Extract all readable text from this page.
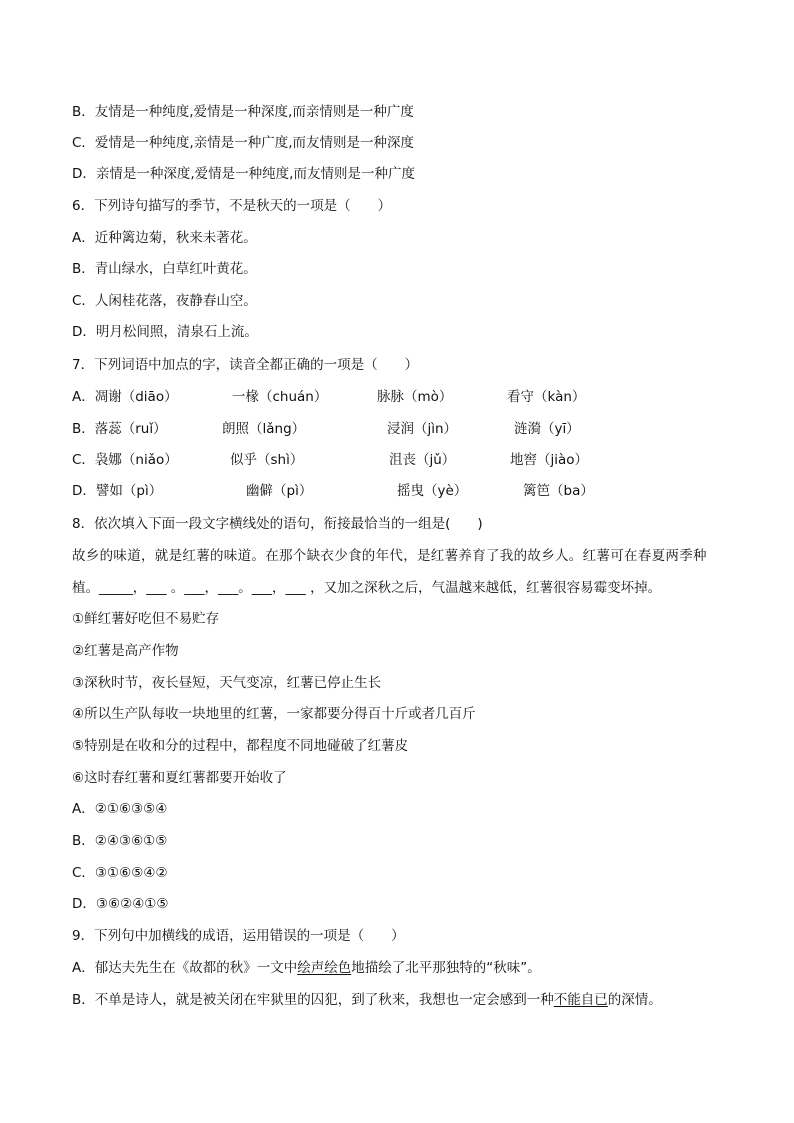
B．友情是一种纯度,爱情是一种深度,而亲情则是一种广度
C．爱情是一种纯度,亲情是一种广度,而友情则是一种深度
D．亲情是一种深度,爱情是一种纯度,而友情则是一种广度
6．下列诗句描写的季节，不是秋天的一项是（　　）
A．近种篱边菊，秋来未著花。
B．青山绿水，白草红叶黄花。
C．人闲桂花落，夜静春山空。
D．明月松间照，清泉石上流。
7．下列词语中加点的字，读音全都正确的一项是（　　）
A．凋谢（diāo）	一椽（chuán）	脉脉（mò）	看守（kàn）
B．落蕊（ruǐ）	朗照（lǎng）	浸润（jìn）	涟漪（yī）
C．袅娜（niǎo）	似乎（shì）	沮丧（jǔ）	地窖（jiào）
D．譬如（pì）	幽僻（pì）	摇曳（yè）	篱笆（ba）
8．依次填入下面一段文字横线处的语句，衔接最恰当的一组是(　　)
故乡的味道，就是红薯的味道。在那个缺衣少食的年代，是红薯养育了我的故乡人。红薯可在春夏两季种
植。_____，___ 。___，___。___，___ ，又加之深秋之后，气温越来越低，红薯很容易霉变坏掉。
①鲜红薯好吃但不易贮存
②红薯是高产作物
③深秋时节，夜长昼短，天气变凉，红薯已停止生长
④所以生产队每收一块地里的红薯，一家都要分得百十斤或者几百斤
⑤特别是在收和分的过程中，都程度不同地碰破了红薯皮
⑥这时春红薯和夏红薯都要开始收了
A．②①⑥③⑤④
B．②④③⑥①⑤
C．③①⑥⑤④②
D．③⑥②④①⑤
9．下列句中加横线的成语，运用错误的一项是（　　）
A．郁达夫先生在《故都的秋》一文中绘声绘色地描绘了北平那独特的“秋味”。
B．不单是诗人，就是被关闭在牢狱里的囚犯，到了秋来，我想也一定会感到一种不能自已的深情。
